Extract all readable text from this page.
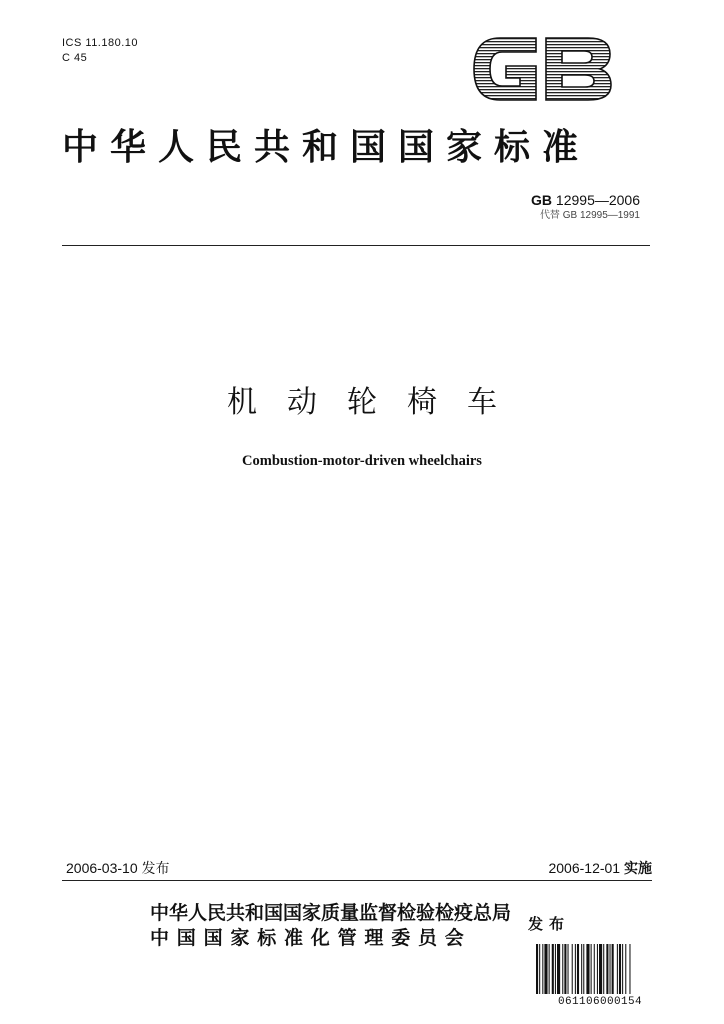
ICS 11.180.10
C 45
中华人民共和国国家标准
GB 12995—2006
代替 GB 12995—1991
机动轮椅车
Combustion-motor-driven wheelchairs
2006-03-10 发布	2006-12-01 实施
中华人民共和国国家质量监督检验检疫总局
中国国家标准化管理委员会
发布
061106000154
